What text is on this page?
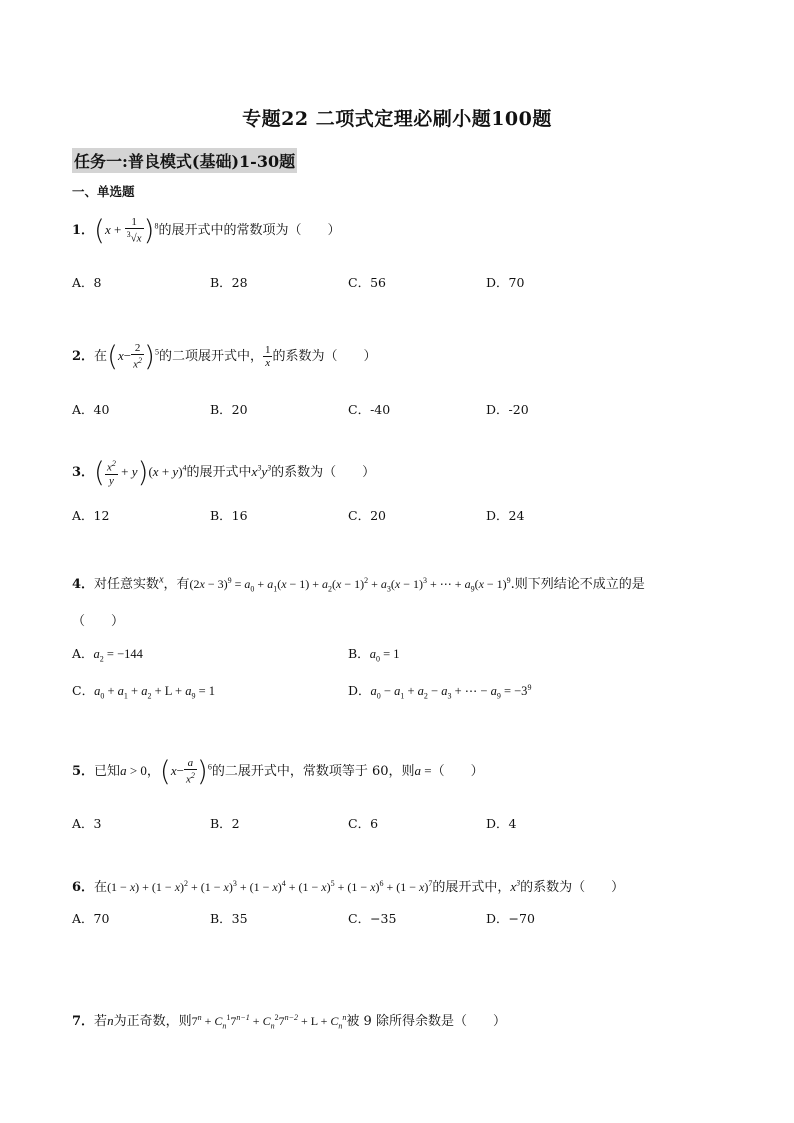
专题22 二项式定理必刷小题100题
任务一:普良模式(基础)1-30题
一、单选题
1．$(x + \frac{1}{^3√x} )^8$的展开式中的常数项为（　　）
A．8	B．28	C．56	D．70
2．在$(x- \frac{2}{x^2} )^5$的二项展开式中， $\frac{1}{x}$ 的系数为（　　）
A．40	B．20	C．-40	D．-20
3．( $\frac{x^2}{y} + y)(x + y)^4$的展开式中$x^3y^3$的系数为（　　）
A．12	B．16	C．20	D．24
4．对任意实数$^x$，有$(2x - 3)^9 = a_0 + a_1(x - 1) + a_2(x - 1)^2 + a_3(x - 1)^3$ + ⋯ + $a_9(x - 1)^9$.则下列结论不成立的是
（　　）
A．$a_2 = -144$	B．$a_0 = 1$
C．$a_0 + a_1 + a_2 + L + a_9 = 1$	D．$a_0 - a_1 + a_2 - a_3$ + ⋯ − $a_9 = -3^9$
5．已知a > 0，$(x- \frac{a}{x^2} )^6$的二展开式中，常数项等于 60，则a =（　　）
A．3	B．2	C．6	D．4
6．在$(1 - x) + (1 - x)^2 + (1 - x)^3 + (1 - x)^4 + (1 - x)^5 + (1 - x)^6 + (1 - x)^7$的展开式中，$x^3$的系数为（　　）
A．70	B．35	C．−35	D．−70
7．若n为正奇数，则$7^n + C_n^17^{n-1} + C_n^27^{n-2} + L + C_n^n$被 9 除所得余数是（　　）
